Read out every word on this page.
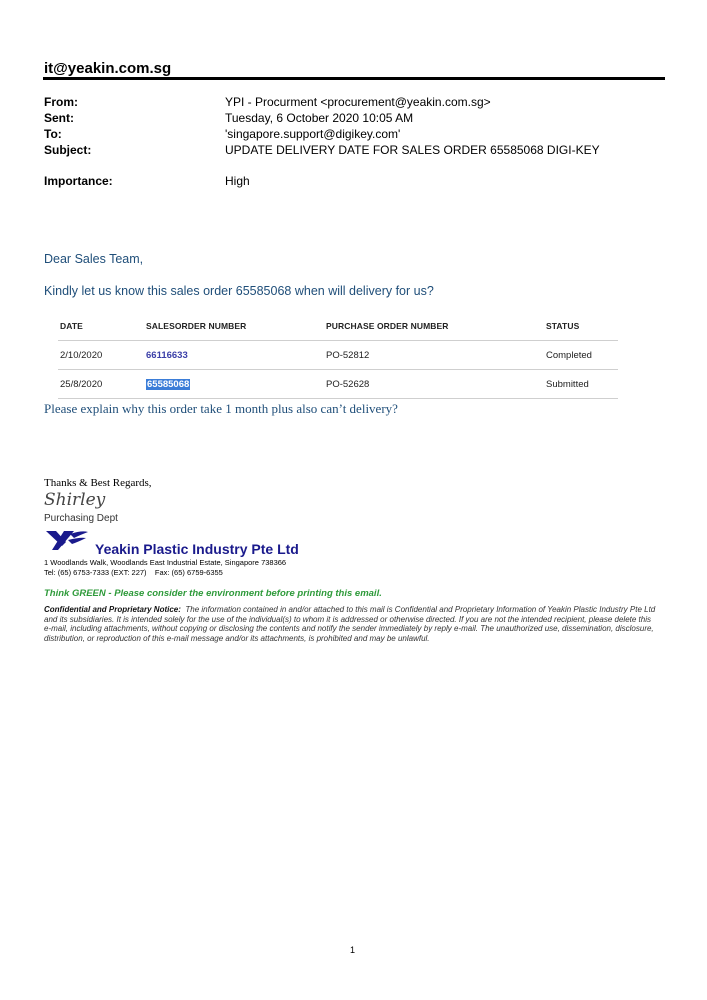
it@yeakin.com.sg
From:	YPI - Procurment <procurement@yeakin.com.sg>
Sent:	Tuesday, 6 October 2020 10:05 AM
To:	'singapore.support@digikey.com'
Subject:	UPDATE DELIVERY DATE FOR SALES ORDER 65585068 DIGI-KEY
Importance:	High
Dear Sales Team,
Kindly let us know this sales order 65585068 when will delivery for us?
DATE	SALESORDER NUMBER	PURCHASE ORDER NUMBER	STATUS
2/10/2020	66116633	PO-52812	Completed
25/8/2020	65585068	PO-52628	Submitted
Please explain why this order take 1 month plus also can’t delivery?
Thanks & Best Regards,
Shirley
Purchasing Dept
Yeakin Plastic Industry Pte Ltd
1 Woodlands Walk, Woodlands East Industrial Estate, Singapore 738366
Tel: (65) 6753-7333 (EXT: 227)    Fax: (65) 6759-6355
Think GREEN - Please consider the environment before printing this email.
Confidential and Proprietary Notice: The information contained in and/or attached to this mail is Confidential and Proprietary Information of Yeakin Plastic Industry Pte Ltd and its subsidiaries. It is intended solely for the use of the individual(s) to whom it is addressed or otherwise directed. If you are not the intended recipient, please delete this e-mail, including attachments, without copying or disclosing the contents and notify the sender immediately by reply e-mail. The unauthorized use, dissemination, disclosure, distribution, or reproduction of this e-mail message and/or its attachments, is prohibited and may be unlawful.
1
